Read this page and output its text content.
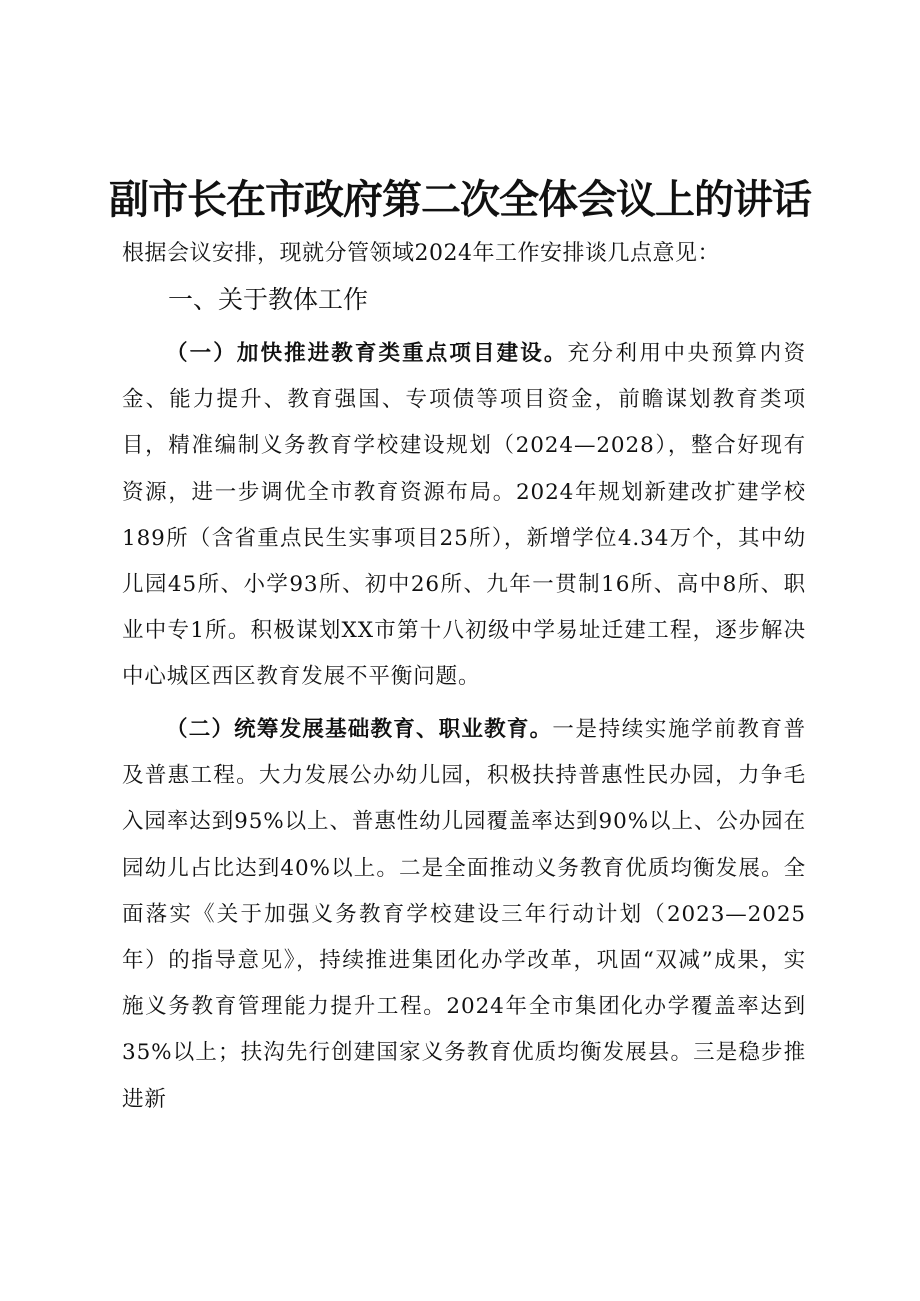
副市长在市政府第二次全体会议上的讲话
根据会议安排，现就分管领域2024年工作安排谈几点意见：
一、关于教体工作

（一）加快推进教育类重点项目建设。充分利用中央预算内资金、能力提升、教育强国、专项债等项目资金，前瞻谋划教育类项目，精准编制义务教育学校建设规划（2024—2028），整合好现有资源，进一步调优全市教育资源布局。2024年规划新建改扩建学校189所（含省重点民生实事项目25所），新增学位4.34万个，其中幼儿园45所、小学93所、初中26所、九年一贯制16所、高中8所、职业中专1所。积极谋划XX市第十八初级中学易址迁建工程，逐步解决中心城区西区教育发展不平衡问题。

（二）统筹发展基础教育、职业教育。一是持续实施学前教育普及普惠工程。大力发展公办幼儿园，积极扶持普惠性民办园，力争毛入园率达到95%以上、普惠性幼儿园覆盖率达到90%以上、公办园在园幼儿占比达到40%以上。二是全面推动义务教育优质均衡发展。全面落实《关于加强义务教育学校建设三年行动计划（2023—2025年）的指导意见》，持续推进集团化办学改革，巩固“双减”成果，实施义务教育管理能力提升工程。2024年全市集团化办学覆盖率达到35%以上；扶沟先行创建国家义务教育优质均衡发展县。三是稳步推进新
